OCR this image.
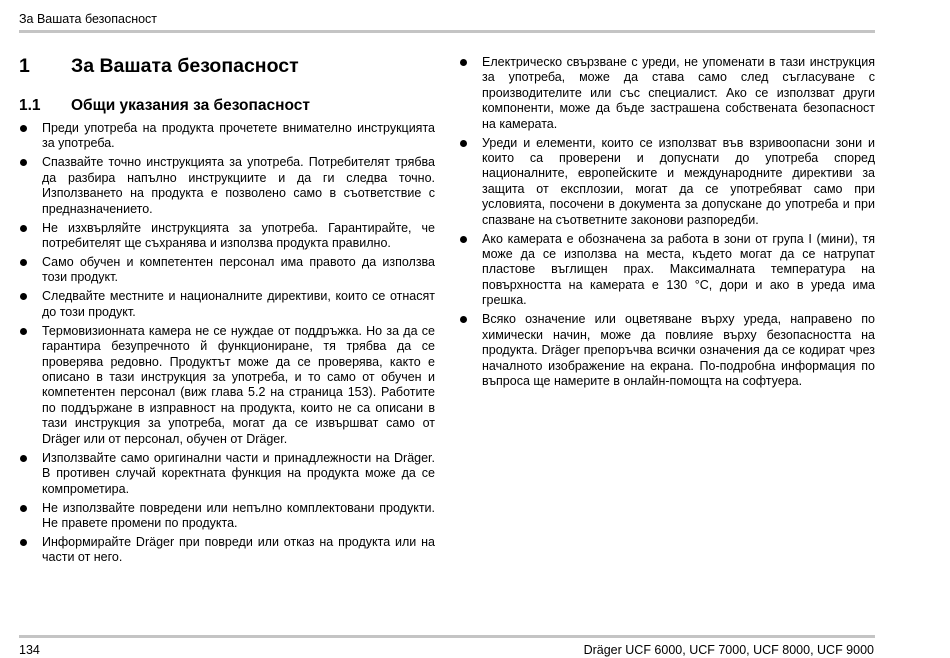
За Вашата безопасност
1 За Вашата безопасност
1.1 Общи указания за безопасност
Преди употреба на продукта прочетете внимателно инструкцията за употреба.
Спазвайте точно инструкцията за употреба. Потребителят трябва да разбира напълно инструкциите и да ги следва точно. Използването на продукта е позволено само в съответствие с предназначението.
Не изхвърляйте инструкцията за употреба. Гарантирайте, че потребителят ще съхранява и използва продукта правилно.
Само обучен и компетентен персонал има правото да използва този продукт.
Следвайте местните и националните директиви, които се отнасят до този продукт.
Термовизионната камера не се нуждае от поддръжка. Но за да се гарантира безупречното й функциониране, тя трябва да се проверява редовно. Продуктът може да се проверява, както е описано в тази инструкция за употреба, и то само от обучен и компетентен персонал (виж глава 5.2 на страница 153). Работите по поддържане в изправност на продукта, които не са описани в тази инструкция за употреба, могат да се извършват само от Dräger или от персонал, обучен от Dräger.
Използвайте само оригинални части и принадлежности на Dräger. В противен случай коректната функция на продукта може да се компрометира.
Не използвайте повредени или непълно комплектовани продукти. Не правете промени по продукта.
Информирайте Dräger при повреди или отказ на продукта или на части от него.
Електрическо свързване с уреди, не упоменати в тази инструкция за употреба, може да става само след съгласуване с производителите или със специалист. Ако се използват други компоненти, може да бъде застрашена собствената безопасност на камерата.
Уреди и елементи, които се използват във взривоопасни зони и които са проверени и допуснати до употреба според националните, европейските и международните директиви за защита от експлозии, могат да се употребяват само при условията, посочени в документа за допускане до употреба и при спазване на съответните законови разпоредби.
Ако камерата е обозначена за работа в зони от група I (мини), тя може да се използва на места, където могат да се натрупат пластове въглищен прах. Максималната температура на повърхността на камерата е 130 °C, дори и ако в уреда има грешка.
Всяко означение или оцветяване върху уреда, направено по химически начин, може да повлияе върху безопасността на продукта. Dräger препоръчва всички означения да се кодират чрез началното изображение на екрана. По-подробна информация по въпроса ще намерите в онлайн-помощта на софтуера.
134	Dräger UCF 6000, UCF 7000, UCF 8000, UCF 9000
